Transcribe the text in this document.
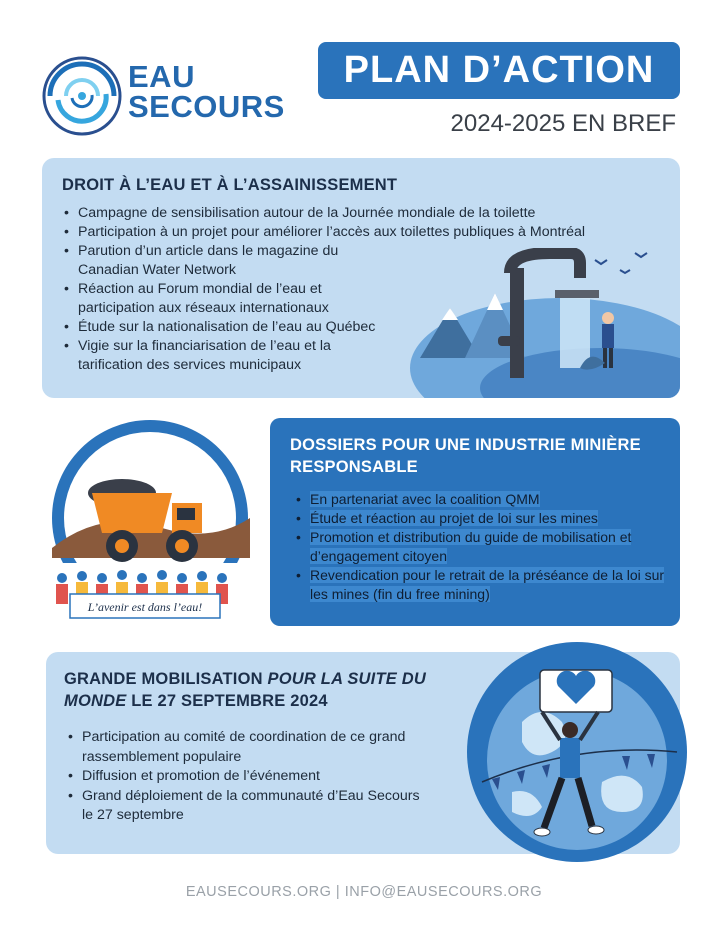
EAU
SECOURS
PLAN D’ACTION
2024-2025 EN BREF
DROIT À L’EAU ET À L’ASSAINISSEMENT
• Campagne de sensibilisation autour de la Journée mondiale de la toilette
• Participation à un projet pour améliorer l’accès aux toilettes publiques à Montréal
• Parution d’un article dans le magazine du Canadian Water Network
• Réaction au Forum mondial de l’eau et participation aux réseaux internationaux
• Étude sur la nationalisation de l’eau au Québec
• Vigie sur la financiarisation de l’eau et la tarification des services municipaux
L’avenir est dans l’eau!
DOSSIERS POUR UNE INDUSTRIE MINIÈRE RESPONSABLE
• En partenariat avec la coalition QMM
• Étude et réaction au projet de loi sur les mines
• Promotion et distribution du guide de mobilisation et d’engagement citoyen
• Revendication pour le retrait de la préséance de la loi sur les mines (fin du free mining)
GRANDE MOBILISATION POUR LA SUITE DU MONDE LE 27 SEPTEMBRE 2024
• Participation au comité de coordination de ce grand rassemblement populaire
• Diffusion et promotion de l’événement
• Grand déploiement de la communauté d’Eau Secours le 27 septembre
EAUSECOURS.ORG | INFO@EAUSECOURS.ORG
